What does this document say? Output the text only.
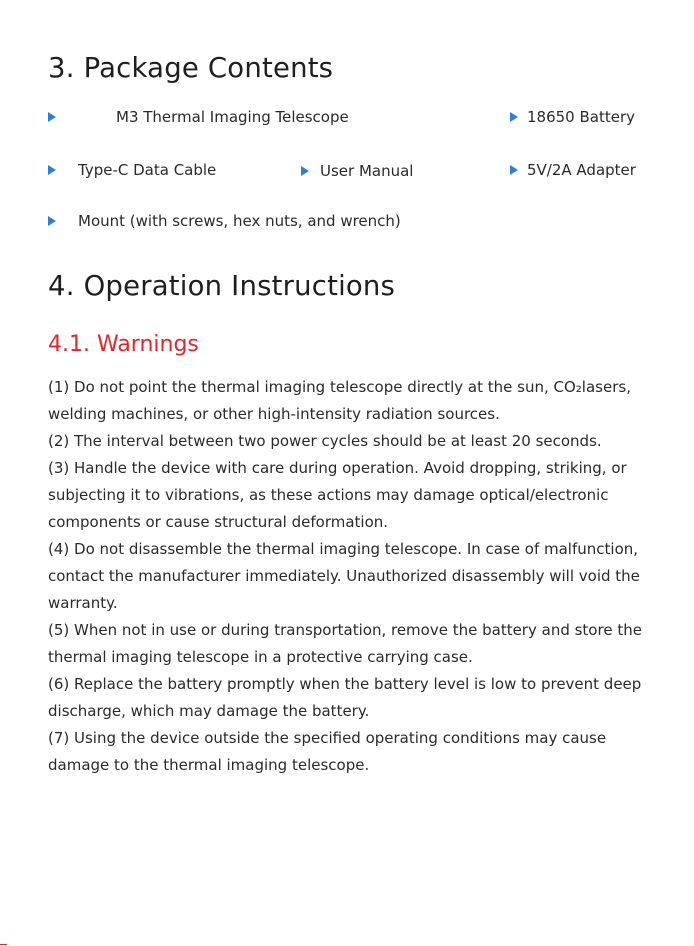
3. Package Contents
M3 Thermal Imaging Telescope	18650 Battery
Type-C Data Cable	User Manual	5V/2A Adapter
Mount (with screws, hex nuts, and wrench)
4. Operation Instructions
4.1. Warnings
(1) Do not point the thermal imaging telescope directly at the sun, CO₂lasers,
welding machines, or other high-intensity radiation sources.
(2) The interval between two power cycles should be at least 20 seconds.
(3) Handle the device with care during operation. Avoid dropping, striking, or
subjecting it to vibrations, as these actions may damage optical/electronic
components or cause structural deformation.
(4) Do not disassemble the thermal imaging telescope. In case of malfunction,
contact the manufacturer immediately. Unauthorized disassembly will void the
warranty.
(5) When not in use or during transportation, remove the battery and store the
thermal imaging telescope in a protective carrying case.
(6) Replace the battery promptly when the battery level is low to prevent deep
discharge, which may damage the battery.
(7) Using the device outside the specified operating conditions may cause
damage to the thermal imaging telescope.
